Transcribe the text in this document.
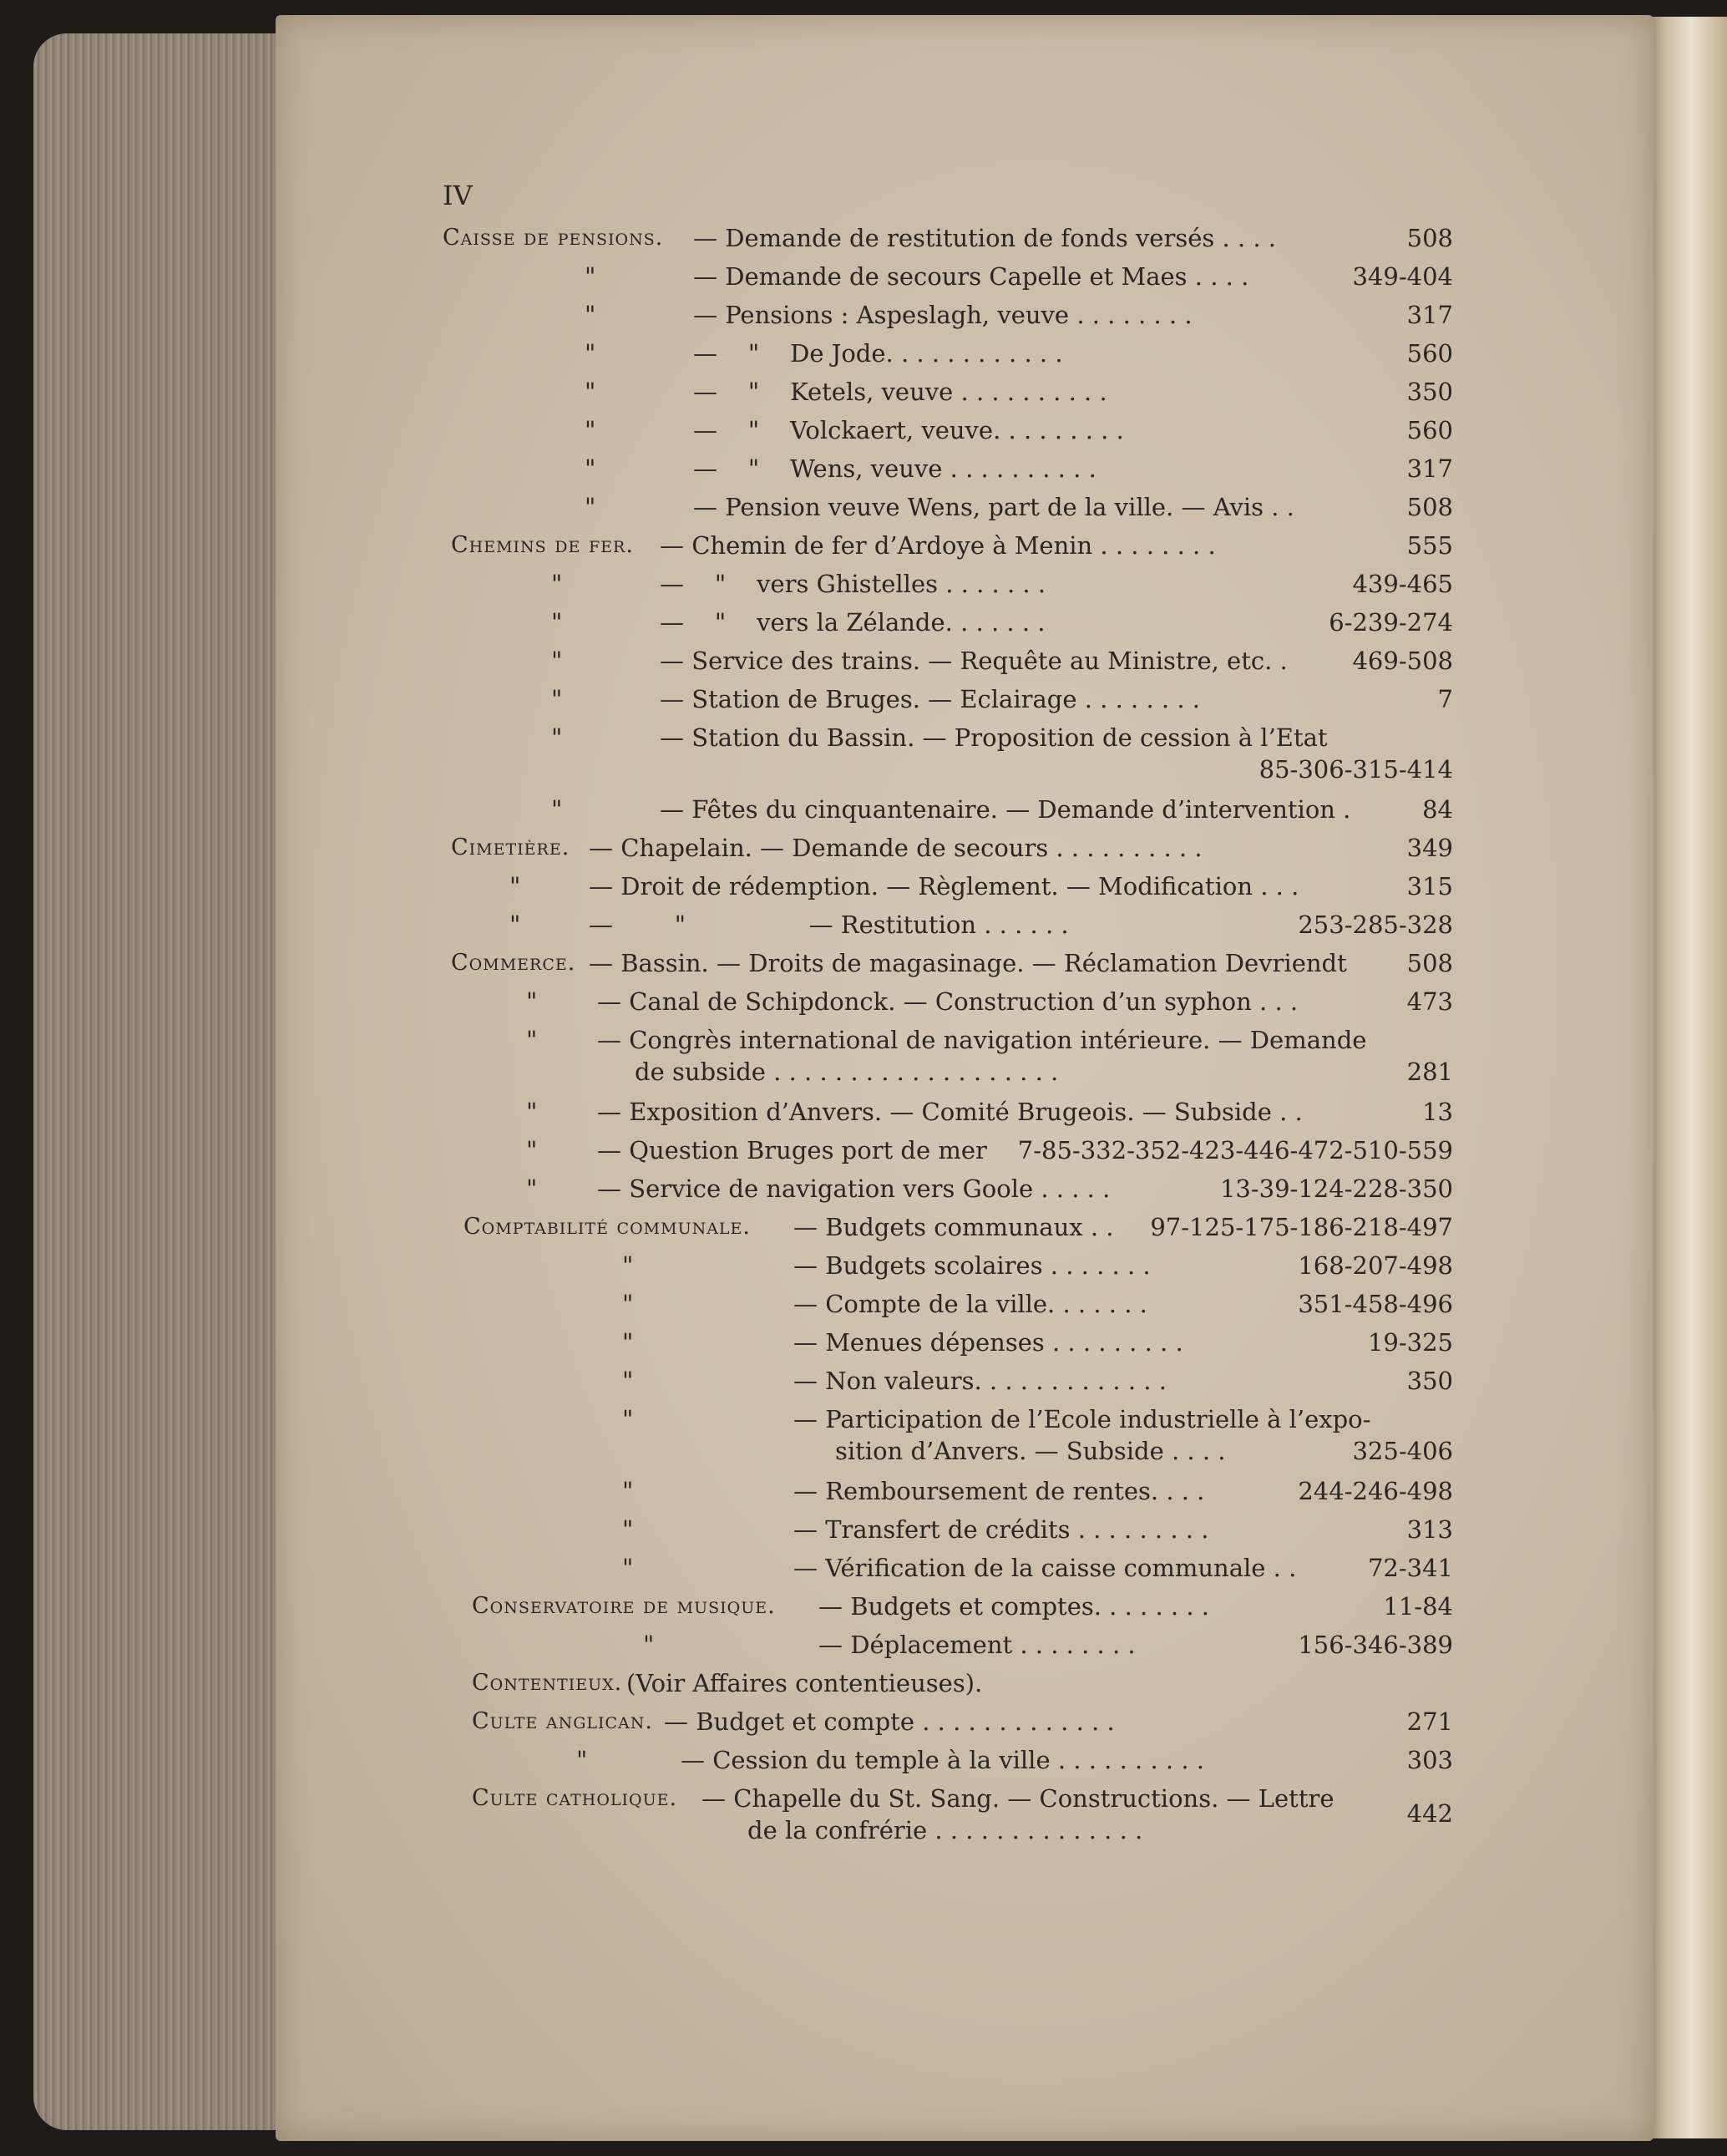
IV
Caisse de pensions. — Demande de restitution de fonds versés . . . .	508
"	— Demande de secours Capelle et Maes . . . .	349-404
"	— Pensions : Aspeslagh, veuve . . . . . . . .	317
"	—    "    De Jode. . . . . . . . . . . .	560
"	—    "    Ketels, veuve . . . . . . . . . .	350
"	—    "    Volckaert, veuve. . . . . . . . .	560
"	—    "    Wens, veuve . . . . . . . . . .	317
"	— Pension veuve Wens, part de la ville. — Avis . .	508
Chemins de fer. — Chemin de fer d’Ardoye à Menin . . . . . . . .	555
"	—    "    vers Ghistelles . . . . . . .	439-465
"	—    "    vers la Zélande. . . . . . .	6-239-274
"	— Service des trains. — Requête au Ministre, etc. .	469-508
"	— Station de Bruges. — Eclairage . . . . . . . .	7
"	— Station du Bassin. — Proposition de cession à l’Etat
85-306-315-414
"	— Fêtes du cinquantenaire. — Demande d’intervention .	84
Cimetière. — Chapelain. — Demande de secours . . . . . . . . . .	349
"	— Droit de rédemption. — Règlement. — Modification . . .	315
"	—        "                — Restitution . . . . . .	253-285-328
Commerce. — Bassin. — Droits de magasinage. — Réclamation Devriendt 508
" — Canal de Schipdonck. — Construction d’un syphon . . .	473
" — Congrès international de navigation intérieure. — Demande
de subside . . . . . . . . . . . . . . . . . . .	281
" — Exposition d’Anvers. — Comité Brugeois. — Subside . .	13
" — Question Bruges port de mer 7-85-332-352-423-446-472-510-559
" — Service de navigation vers Goole . . . . .	13-39-124-228-350
Comptabilité communale. — Budgets communaux . . 97-125-175-186-218-497
"	— Budgets scolaires . . . . . . .	168-207-498
"	— Compte de la ville. . . . . . .	351-458-496
"	— Menues dépenses . . . . . . . . .	19-325
"	— Non valeurs. . . . . . . . . . . . .	350
"	— Participation de l’Ecole industrielle à l’expo-
sition d’Anvers. — Subside . . . .	325-406
"	— Remboursement de rentes. . . .	244-246-498
"	— Transfert de crédits . . . . . . . . .	313
"	— Vérification de la caisse communale . .	72-341
Conservatoire de musique. — Budgets et comptes. . . . . . . .	11-84
"	— Déplacement . . . . . . . .	156-346-389
Contentieux. (Voir Affaires contentieuses).
Culte anglican. — Budget et compte . . . . . . . . . . . . .	271
"	— Cession du temple à la ville . . . . . . . . . .	303
Culte catholique. — Chapelle du St. Sang. — Constructions. — Lettre
de la confrérie . . . . . . . . . . . . . .
442
